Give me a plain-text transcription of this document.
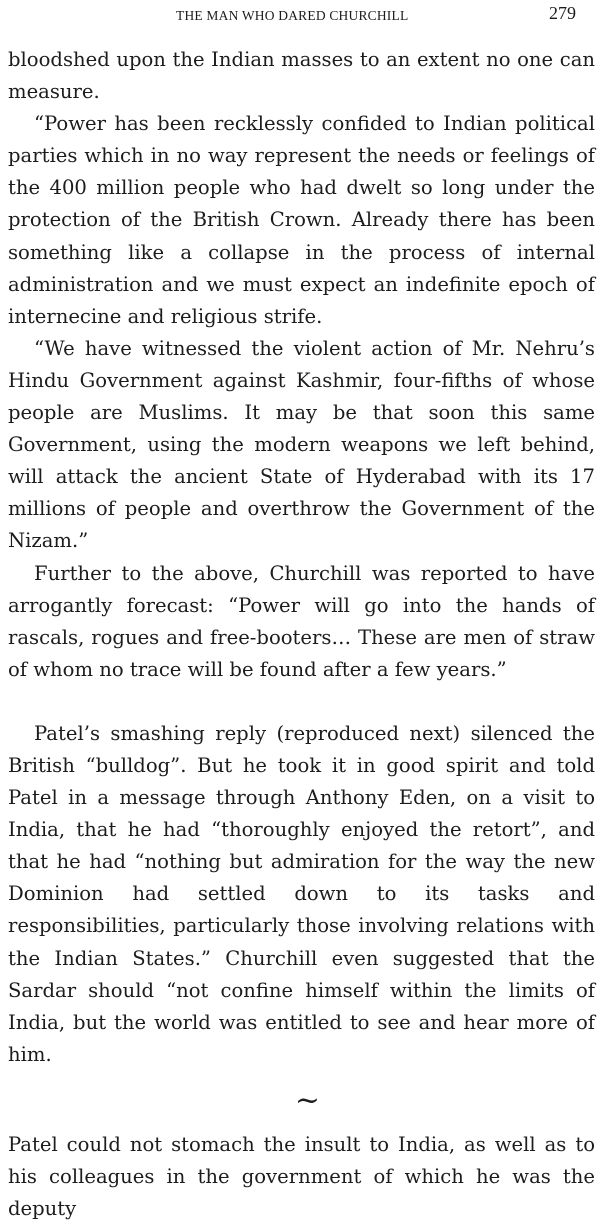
THE MAN WHO DARED CHURCHILL	279

bloodshed upon the Indian masses to an extent no one can measure.

“Power has been recklessly confided to Indian political parties which in no way represent the needs or feelings of the 400 million people who had dwelt so long under the protection of the British Crown. Already there has been something like a collapse in the process of internal administration and we must expect an indefinite epoch of internecine and religious strife.

“We have witnessed the violent action of Mr. Nehru’s Hindu Government against Kashmir, four-fifths of whose people are Muslims. It may be that soon this same Government, using the modern weapons we left behind, will attack the ancient State of Hyderabad with its 17 millions of people and overthrow the Government of the Nizam.”

Further to the above, Churchill was reported to have arrogantly forecast: “Power will go into the hands of rascals, rogues and free-booters… These are men of straw of whom no trace will be found after a few years.”

Patel’s smashing reply (reproduced next) silenced the British “bulldog”. But he took it in good spirit and told Patel in a message through Anthony Eden, on a visit to India, that he had “thoroughly enjoyed the retort”, and that he had “nothing but admiration for the way the new Dominion had settled down to its tasks and responsibilities, particularly those involving relations with the Indian States.” Churchill even suggested that the Sardar should “not confine himself within the limits of India, but the world was entitled to see and hear more of him.

~

Patel could not stomach the insult to India, as well as to his colleagues in the government of which he was the deputy
